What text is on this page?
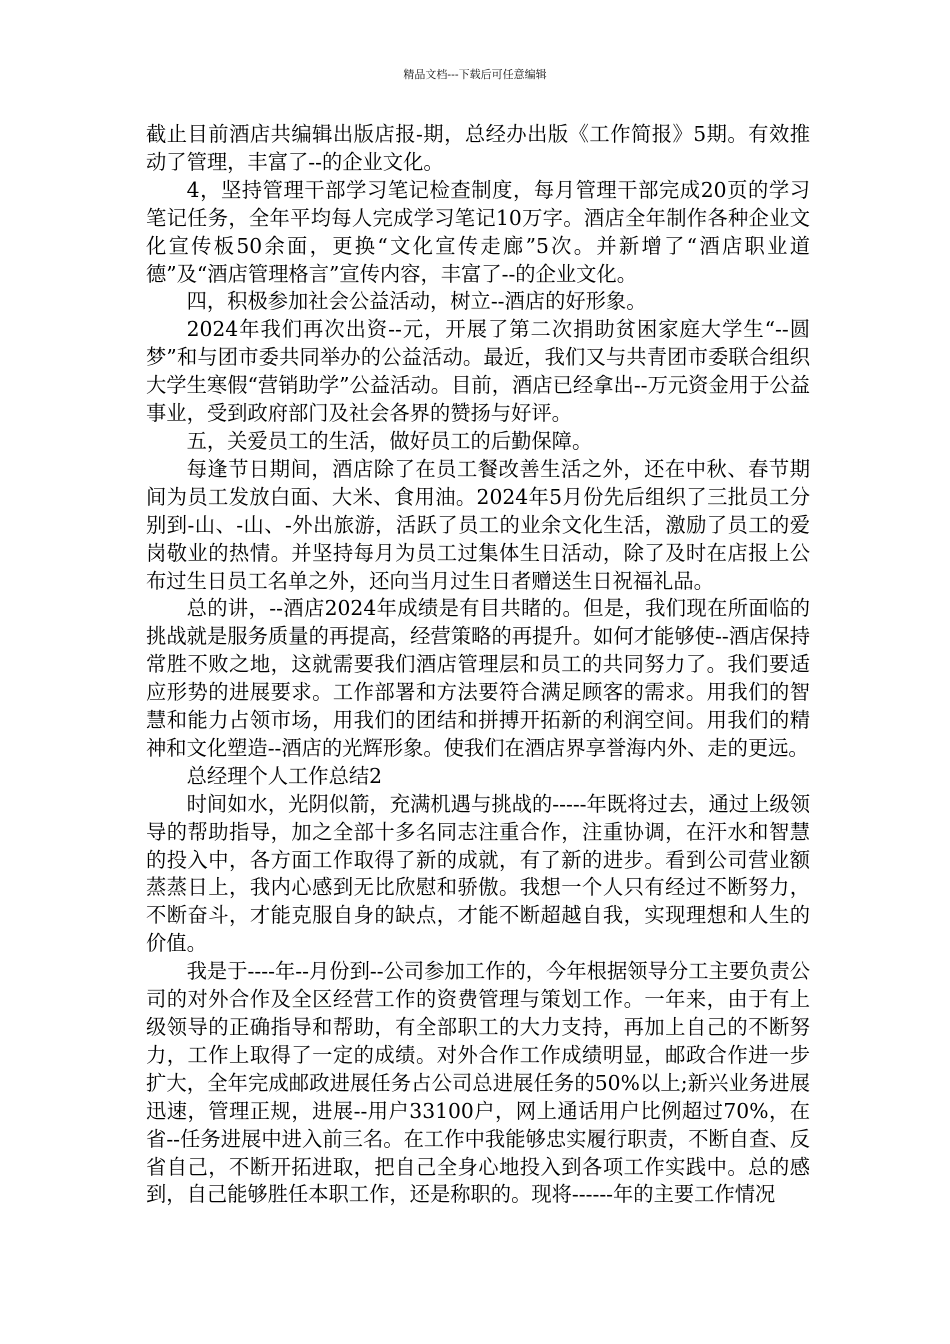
精品文档---下载后可任意编辑

截止目前酒店共编辑出版店报-期，总经办出版《工作简报》5期。有效推动了管理，丰富了--的企业文化。

4，坚持管理干部学习笔记检查制度，每月管理干部完成20页的学习笔记任务，全年平均每人完成学习笔记10万字。酒店全年制作各种企业文化宣传板50余面，更换“文化宣传走廊”5次。并新增了“酒店职业道德”及“酒店管理格言”宣传内容，丰富了--的企业文化。

四，积极参加社会公益活动，树立--酒店的好形象。

2024年我们再次出资--元，开展了第二次捐助贫困家庭大学生“--圆梦”和与团市委共同举办的公益活动。最近，我们又与共青团市委联合组织大学生寒假“营销助学”公益活动。目前，酒店已经拿出--万元资金用于公益事业，受到政府部门及社会各界的赞扬与好评。

五，关爱员工的生活，做好员工的后勤保障。

每逢节日期间，酒店除了在员工餐改善生活之外，还在中秋、春节期间为员工发放白面、大米、食用油。2024年5月份先后组织了三批员工分别到-山、-山、-外出旅游，活跃了员工的业余文化生活，激励了员工的爱岗敬业的热情。并坚持每月为员工过集体生日活动，除了及时在店报上公布过生日员工名单之外，还向当月过生日者赠送生日祝福礼品。

总的讲，--酒店2024年成绩是有目共睹的。但是，我们现在所面临的挑战就是服务质量的再提高，经营策略的再提升。如何才能够使--酒店保持常胜不败之地，这就需要我们酒店管理层和员工的共同努力了。我们要适应形势的进展要求。工作部署和方法要符合满足顾客的需求。用我们的智慧和能力占领市场，用我们的团结和拼搏开拓新的利润空间。用我们的精神和文化塑造--酒店的光辉形象。使我们在酒店界享誉海内外、走的更远。

总经理个人工作总结2

时间如水，光阴似箭，充满机遇与挑战的-----年既将过去，通过上级领导的帮助指导，加之全部十多名同志注重合作，注重协调，在汗水和智慧的投入中，各方面工作取得了新的成就，有了新的进步。看到公司营业额蒸蒸日上，我内心感到无比欣慰和骄傲。我想一个人只有经过不断努力，不断奋斗，才能克服自身的缺点，才能不断超越自我，实现理想和人生的价值。

我是于----年--月份到--公司参加工作的，今年根据领导分工主要负责公司的对外合作及全区经营工作的资费管理与策划工作。一年来，由于有上级领导的正确指导和帮助，有全部职工的大力支持，再加上自己的不断努力，工作上取得了一定的成绩。对外合作工作成绩明显，邮政合作进一步扩大，全年完成邮政进展任务占公司总进展任务的50%以上;新兴业务进展迅速，管理正规，进展--用户33100户，网上通话用户比例超过70%，在省--任务进展中进入前三名。在工作中我能够忠实履行职责，不断自查、反省自己，不断开拓进取，把自己全身心地投入到各项工作实践中。总的感到，自己能够胜任本职工作，还是称职的。现将------年的主要工作情况
